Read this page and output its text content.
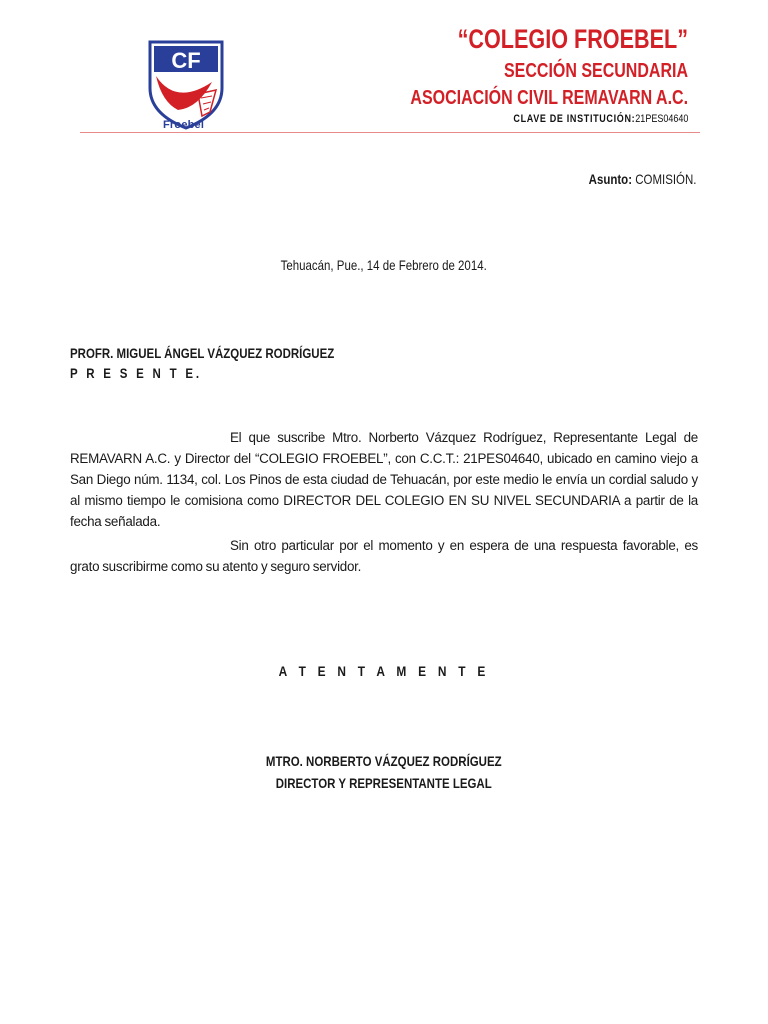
CF
Froebel
“COLEGIO FROEBEL”
SECCIÓN SECUNDARIA
ASOCIACIÓN CIVIL REMAVARN A.C.
CLAVE DE INSTITUCIÓN:21PES04640
Asunto: COMISIÓN.
Tehuacán, Pue., 14 de Febrero de 2014.
PROFR. MIGUEL ÁNGEL VÁZQUEZ RODRÍGUEZ
P R E S E N T E.
El que suscribe Mtro. Norberto Vázquez Rodríguez, Representante Legal de REMAVARN A.C. y Director del “COLEGIO FROEBEL”, con C.C.T.: 21PES04640, ubicado en camino viejo a San Diego núm. 1134, col. Los Pinos de esta ciudad de Tehuacán, por este medio le envía un cordial saludo y al mismo tiempo le comisiona como DIRECTOR DEL COLEGIO EN SU NIVEL SECUNDARIA a partir de la fecha señalada.
Sin otro particular por el momento y en espera de una respuesta favorable, es grato suscribirme como su atento y seguro servidor.
A T E N T A M E N T E
MTRO. NORBERTO VÁZQUEZ RODRÍGUEZ
DIRECTOR Y REPRESENTANTE LEGAL
